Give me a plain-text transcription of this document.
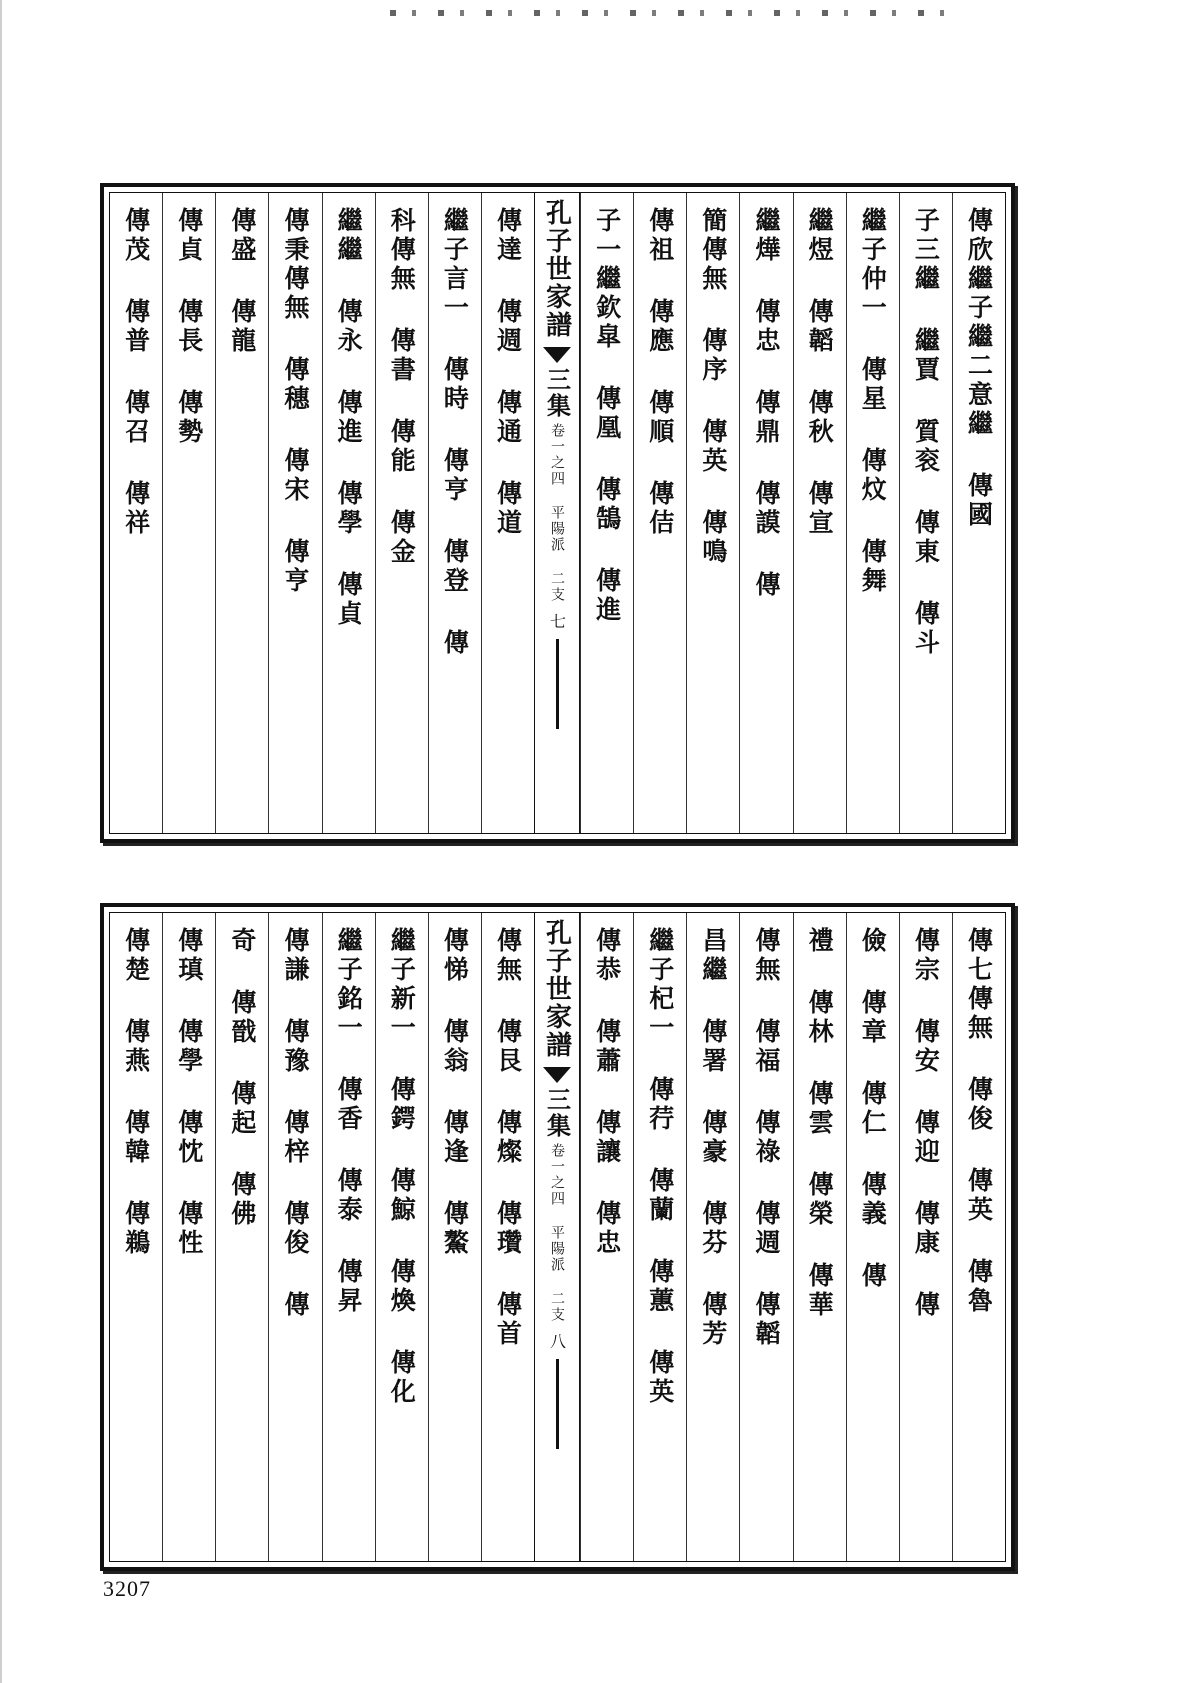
傳欣繼子繼二意繼 傳國
子三繼 繼賈 質衮 傳東 傳斗
繼子仲一 傳星 傳炆 傳舞
繼煜 傳韜 傳秋 傳宣
繼燁 傳忠 傳鼎 傳謨 傳
簡傳無 傳序 傳英 傳鳴
傳祖 傳應 傳順 傳佶
子一繼欽皐 傳凰 傳鵠 傳進
孔子世家譜
三集
卷一之四 平陽派 二支
七
傳達 傳週 傳通 傳道
繼子言一 傳時 傳亨 傳登 傳
科傳無 傳書 傳能 傳金
繼繼 傳永 傳進 傳學 傳貞
傳秉傳無 傳穗 傳宋 傳亨
傳盛 傳龍
傳貞 傳長 傳勢
傳茂 傳普 傳召 傳祥
傳七傳無 傳俊 傳英 傳魯
傳宗 傳安 傳迎 傳康 傳
儉 傳章 傳仁 傳義 傳
禮 傳林 傳雲 傳榮 傳華
傳無 傳福 傳祿 傳週 傳韜
昌繼 傳署 傳豪 傳芬 傳芳
繼子杞一 傳荇 傳蘭 傳蕙 傳英
傳恭 傳蕭 傳讓 傳忠
孔子世家譜
三集
卷一之四 平陽派 二支
八
傳無 傳艮 傳燦 傳瓚 傳首
傳悌 傳翁 傳逢 傳鰲
繼子新一 傳鍔 傳鯨 傳煥 傳化
繼子銘一 傳香 傳泰 傳昇
傳謙 傳豫 傳梓 傳俊 傳
奇 傳戩 傳起 傳佛
傳瑱 傳學 傳忱 傳性
傳楚 傳燕 傳韓 傳鵜
3207
